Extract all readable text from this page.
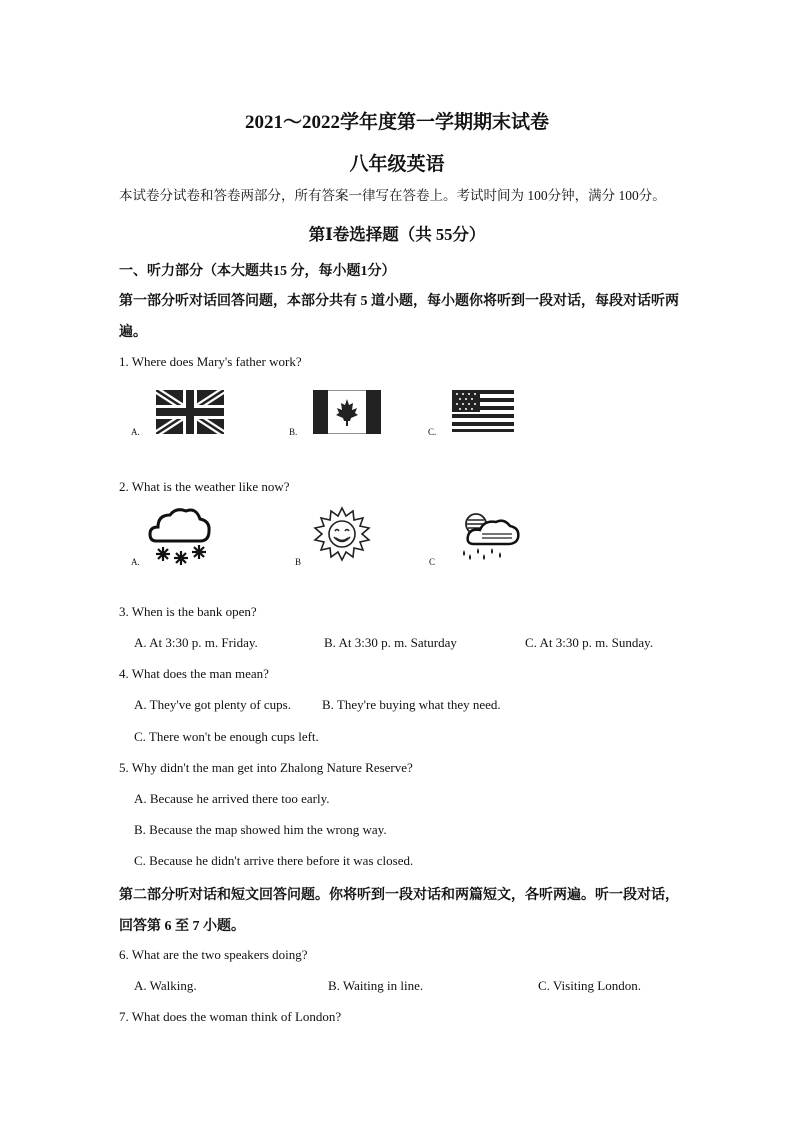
2021～2022学年度第一学期期末试卷
八年级英语
本试卷分试卷和答卷两部分，所有答案一律写在答卷上。考试时间为 100分钟，满分 100分。
第Ⅰ卷选择题（共 55分）
一、听力部分（本大题共15 分，每小题1分）
第一部分听对话回答问题，本部分共有 5 道小题，每小题你将听到一段对话，每段对话听两
遍。
1. Where does Mary's father work?
A.	B.	C.
2. What is the weather like now?
A.	B	C
3. When is the bank open?
A. At 3:30 p. m. Friday.	B. At 3:30 p. m. Saturday	C. At 3:30 p. m. Sunday.
4. What does the man mean?
A. They've got plenty of cups. B. They're buying what they need.
C. There won't be enough cups left.
5. Why didn't the man get into Zhalong Nature Reserve?
A. Because he arrived there too early.
B. Because the map showed him the wrong way.
C. Because he didn't arrive there before it was closed.
第二部分听对话和短文回答问题。你将听到一段对话和两篇短文，各听两遍。听一段对话，
回答第 6 至 7 小题。
6. What are the two speakers doing?
A. Walking.	B. Waiting in line.	C. Visiting London.
7. What does the woman think of London?
